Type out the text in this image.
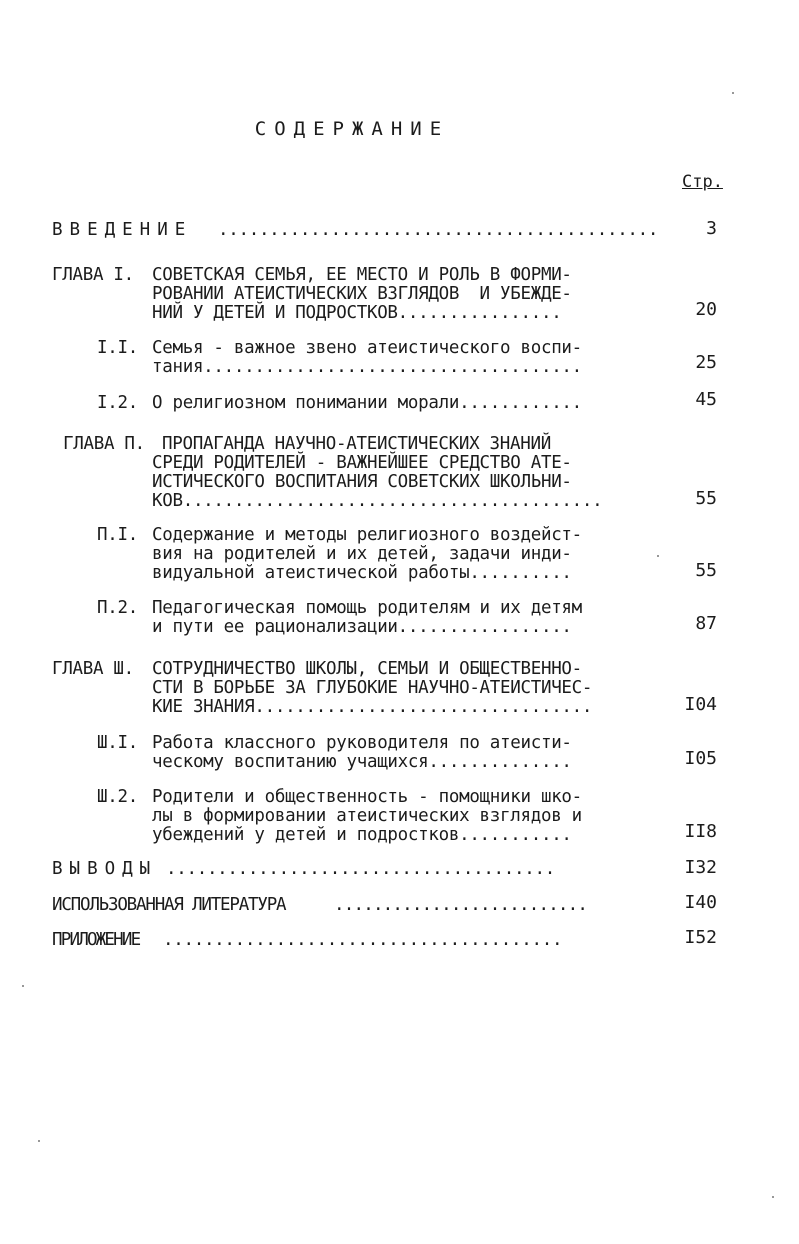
СОДЕРЖАНИЕ
Стр.
ВВЕДЕНИЕ ...........................................	3
ГЛАВА I. СОВЕТСКАЯ СЕМЬЯ, ЕЕ МЕСТО И РОЛЬ В ФОРМИ-
РОВАНИИ АТЕИСТИЧЕСКИХ ВЗГЛЯДОВ  И УБЕЖДЕ-
НИЙ У ДЕТЕЙ И ПОДРОСТКОВ................	20
I.I. Семья - важное звено атеистического воспи-
тания.....................................	25
I.2. О религиозном понимании морали............	45
ГЛАВА П. ПРОПАГАНДА НАУЧНО-АТЕИСТИЧЕСКИХ ЗНАНИЙ
СРЕДИ РОДИТЕЛЕЙ - ВАЖНЕЙШЕЕ СРЕДСТВО АТЕ-
ИСТИЧЕСКОГО ВОСПИТАНИЯ СОВЕТСКИХ ШКОЛЬНИ-
КОВ.........................................	55
П.I. Содержание и методы религиозного воздейст-
вия на родителей и их детей, задачи инди-
видуальной атеистической работы..........	55
П.2. Педагогическая помощь родителям и их детям
и пути ее рационализации.................	87
ГЛАВА Ш. СОТРУДНИЧЕСТВО ШКОЛЫ, СЕМЬИ И ОБЩЕСТВЕННО-
СТИ В БОРЬБЕ ЗА ГЛУБОКИЕ НАУЧНО-АТЕИСТИЧЕС-
КИЕ ЗНАНИЯ.................................	I04
Ш.I. Работа классного руководителя по атеисти-
ческому воспитанию учащихся..............	I05
Ш.2. Родители и общественность - помощники шко-
лы в формировании атеистических взглядов и
убеждений у детей и подростков...........	II8
ВЫВОДЫ ......................................	I32
ИСПОЛЬЗОВАННАЯ ЛИТЕРАТУРА	..........................	I40
ПРИЛОЖЕНИЕ .......................................	I52
